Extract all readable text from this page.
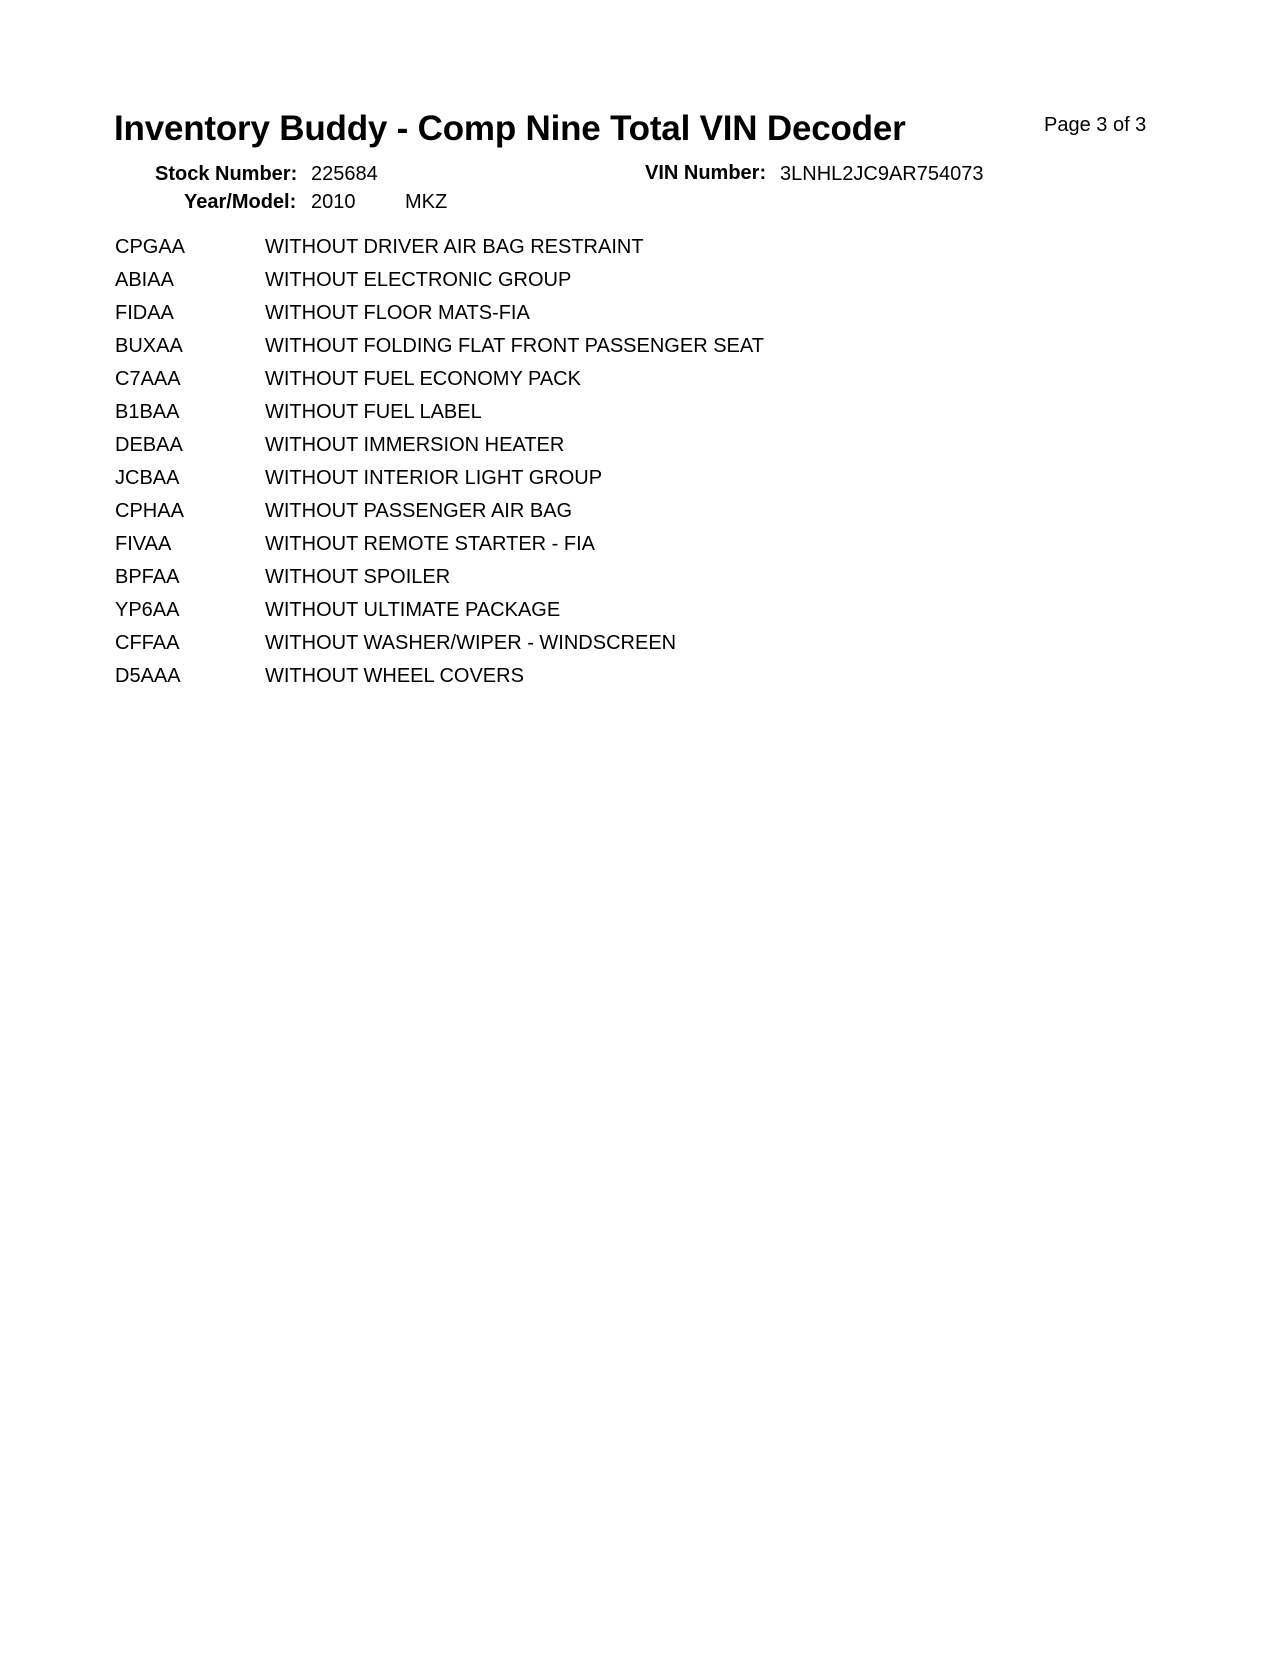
Inventory Buddy - Comp Nine Total VIN Decoder	Page 3 of 3
Stock Number: 225684	VIN Number: 3LNHL2JC9AR754073
Year/Model: 2010 MKZ
CPGAA	WITHOUT DRIVER AIR BAG RESTRAINT
ABIAA	WITHOUT ELECTRONIC GROUP
FIDAA	WITHOUT FLOOR MATS-FIA
BUXAA	WITHOUT FOLDING FLAT FRONT PASSENGER SEAT
C7AAA	WITHOUT FUEL ECONOMY PACK
B1BAA	WITHOUT FUEL LABEL
DEBAA	WITHOUT IMMERSION HEATER
JCBAA	WITHOUT INTERIOR LIGHT GROUP
CPHAA	WITHOUT PASSENGER AIR BAG
FIVAA	WITHOUT REMOTE STARTER - FIA
BPFAA	WITHOUT SPOILER
YP6AA	WITHOUT ULTIMATE PACKAGE
CFFAA	WITHOUT WASHER/WIPER - WINDSCREEN
D5AAA	WITHOUT WHEEL COVERS
